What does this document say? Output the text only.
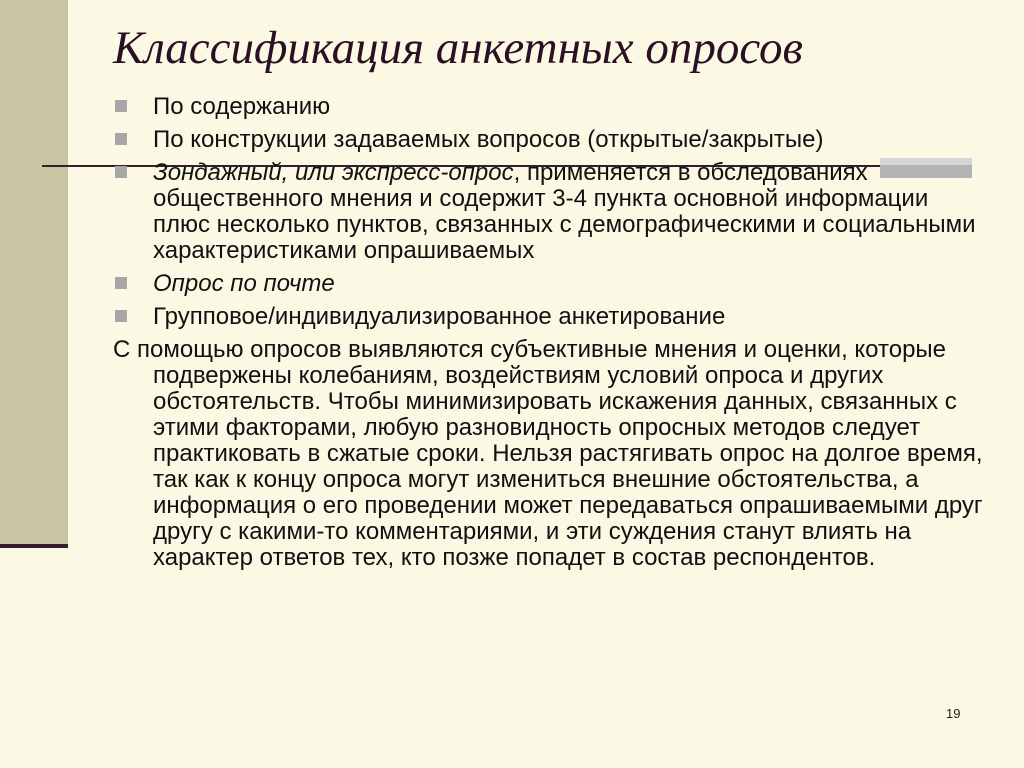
Классификация анкетных опросов
По содержанию
По конструкции задаваемых вопросов (открытые/закрытые)
Зондажный, или экспресс-опрос, применяется в обследованиях общественного мнения и содержит 3-4 пункта основной информации плюс несколько пунктов, связанных с демографическими и социальными характеристиками опрашиваемых
Опрос по почте
Групповое/индивидуализированное анкетирование

С помощью опросов выявляются субъективные мнения и оценки, которые подвержены колебаниям, воздействиям условий опроса и других обстоятельств. Чтобы минимизировать искажения данных, связанных с этими факторами, любую разновидность опросных методов следует практиковать в сжатые сроки. Нельзя растягивать опрос на долгое время, так как к концу опроса могут измениться внешние обстоятельства, а информация о его проведении может передаваться опрашиваемыми друг другу с какими-то комментариями, и эти суждения станут влиять на характер ответов тех, кто позже попадет в состав респондентов.

19
